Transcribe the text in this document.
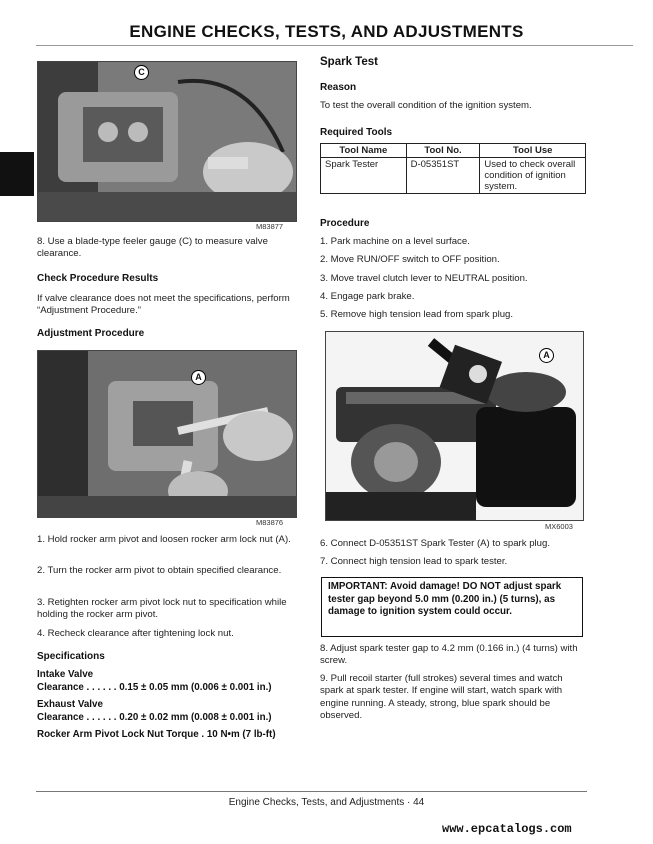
ENGINE CHECKS, TESTS, AND ADJUSTMENTS
C
M83877
8. Use a blade-type feeler gauge (C) to measure valve clearance.
Check Procedure Results
If valve clearance does not meet the specifications, perform “Adjustment Procedure.”
Adjustment Procedure
A
M83876
1. Hold rocker arm pivot and loosen rocker arm lock nut (A).
2. Turn the rocker arm pivot to obtain specified clearance.
3. Retighten rocker arm pivot lock nut to specification while holding the rocker arm pivot.
4. Recheck clearance after tightening lock nut.
Specifications
Intake Valve
Clearance . . . . . . 0.15 ± 0.05 mm (0.006 ± 0.001 in.)
Exhaust Valve
Clearance . . . . . . 0.20 ± 0.02 mm (0.008 ± 0.001 in.)
Rocker Arm Pivot Lock Nut Torque . 10 N•m (7 lb-ft)
Spark Test
Reason
To test the overall condition of the ignition system.
Required Tools
Tool Name	Tool No.	Tool Use
Spark Tester	D-05351ST	Used to check overall condition of ignition system.
Procedure
1. Park machine on a level surface.
2. Move RUN/OFF switch to OFF position.
3. Move travel clutch lever to NEUTRAL position.
4. Engage park brake.
5. Remove high tension lead from spark plug.
A
MX6003
6. Connect D-05351ST Spark Tester (A) to spark plug.
7. Connect high tension lead to spark tester.
IMPORTANT: Avoid damage! DO NOT adjust spark tester gap beyond 5.0 mm (0.200 in.) (5 turns), as damage to ignition system could occur.
8. Adjust spark tester gap to 4.2 mm (0.166 in.) (4 turns) with screw.
9. Pull recoil starter (full strokes) several times and watch spark at spark tester. If engine will start, watch spark with engine running. A steady, strong, blue spark should be observed.
Engine Checks, Tests, and Adjustments · 44
www.epcatalogs.com
